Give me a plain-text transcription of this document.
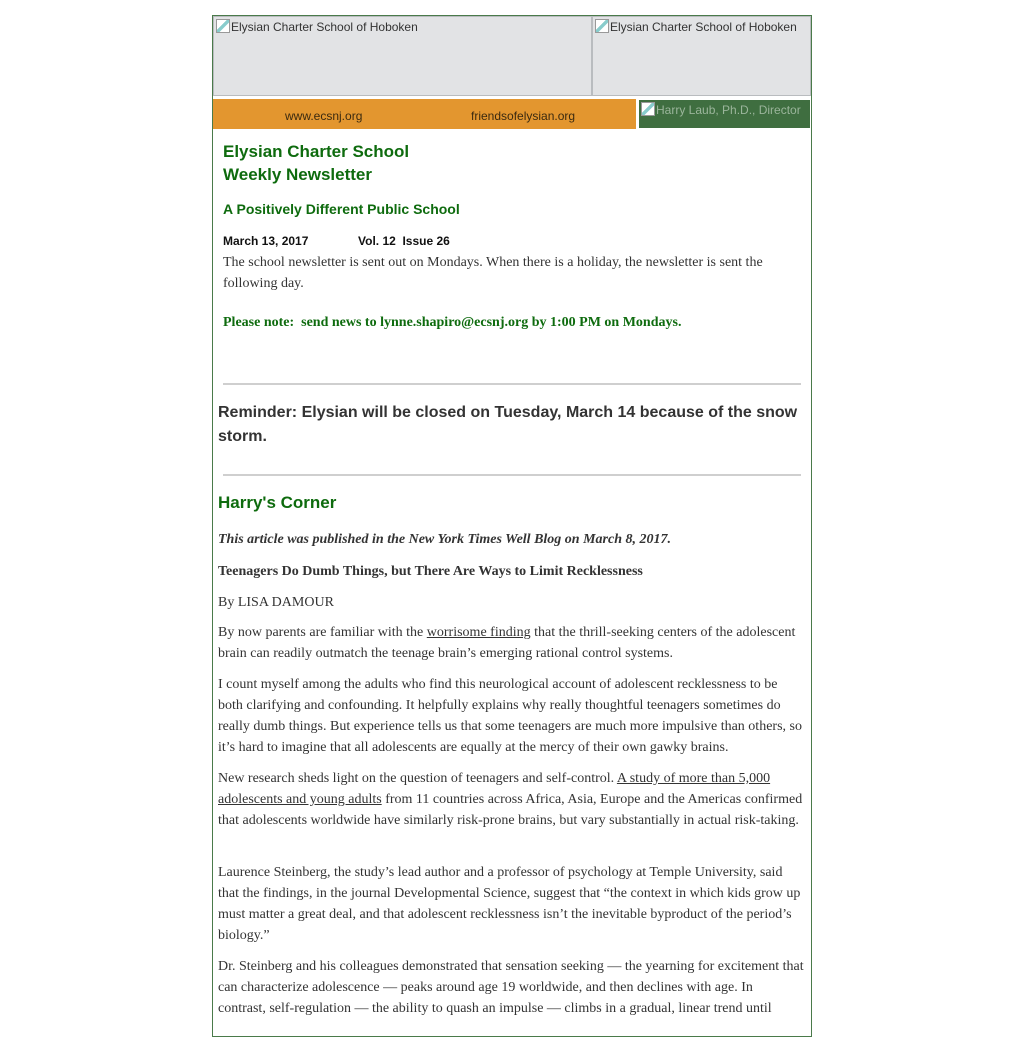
Elysian Charter School of Hoboken	Elysian Charter School of Hoboken
www.ecsnj.org	friendsofelysian.org	Harry Laub, Ph.D., Director
Elysian Charter School
Weekly Newsletter
A Positively Different Public School
March 13, 2017	Vol. 12  Issue 26
The school newsletter is sent out on Mondays. When there is a holiday, the newsletter is sent the following day.
Please note:  send news to lynne.shapiro@ecsnj.org by 1:00 PM on Mondays.
Reminder: Elysian will be closed on Tuesday, March 14 because of the snow storm.
Harry's Corner
This article was published in the New York Times Well Blog on March 8, 2017.
Teenagers Do Dumb Things, but There Are Ways to Limit Recklessness
By LISA DAMOUR
By now parents are familiar with the worrisome finding that the thrill-seeking centers of the adolescent brain can readily outmatch the teenage brain’s emerging rational control systems.
I count myself among the adults who find this neurological account of adolescent recklessness to be both clarifying and confounding. It helpfully explains why really thoughtful teenagers sometimes do really dumb things. But experience tells us that some teenagers are much more impulsive than others, so it’s hard to imagine that all adolescents are equally at the mercy of their own gawky brains.
New research sheds light on the question of teenagers and self-control. A study of more than 5,000 adolescents and young adults from 11 countries across Africa, Asia, Europe and the Americas confirmed that adolescents worldwide have similarly risk-prone brains, but vary substantially in actual risk-taking.
Laurence Steinberg, the study’s lead author and a professor of psychology at Temple University, said that the findings, in the journal Developmental Science, suggest that “the context in which kids grow up must matter a great deal, and that adolescent recklessness isn’t the inevitable byproduct of the period’s biology.”
Dr. Steinberg and his colleagues demonstrated that sensation seeking — the yearning for excitement that can characterize adolescence — peaks around age 19 worldwide, and then declines with age. In contrast, self-regulation — the ability to quash an impulse — climbs in a gradual, linear trend until
